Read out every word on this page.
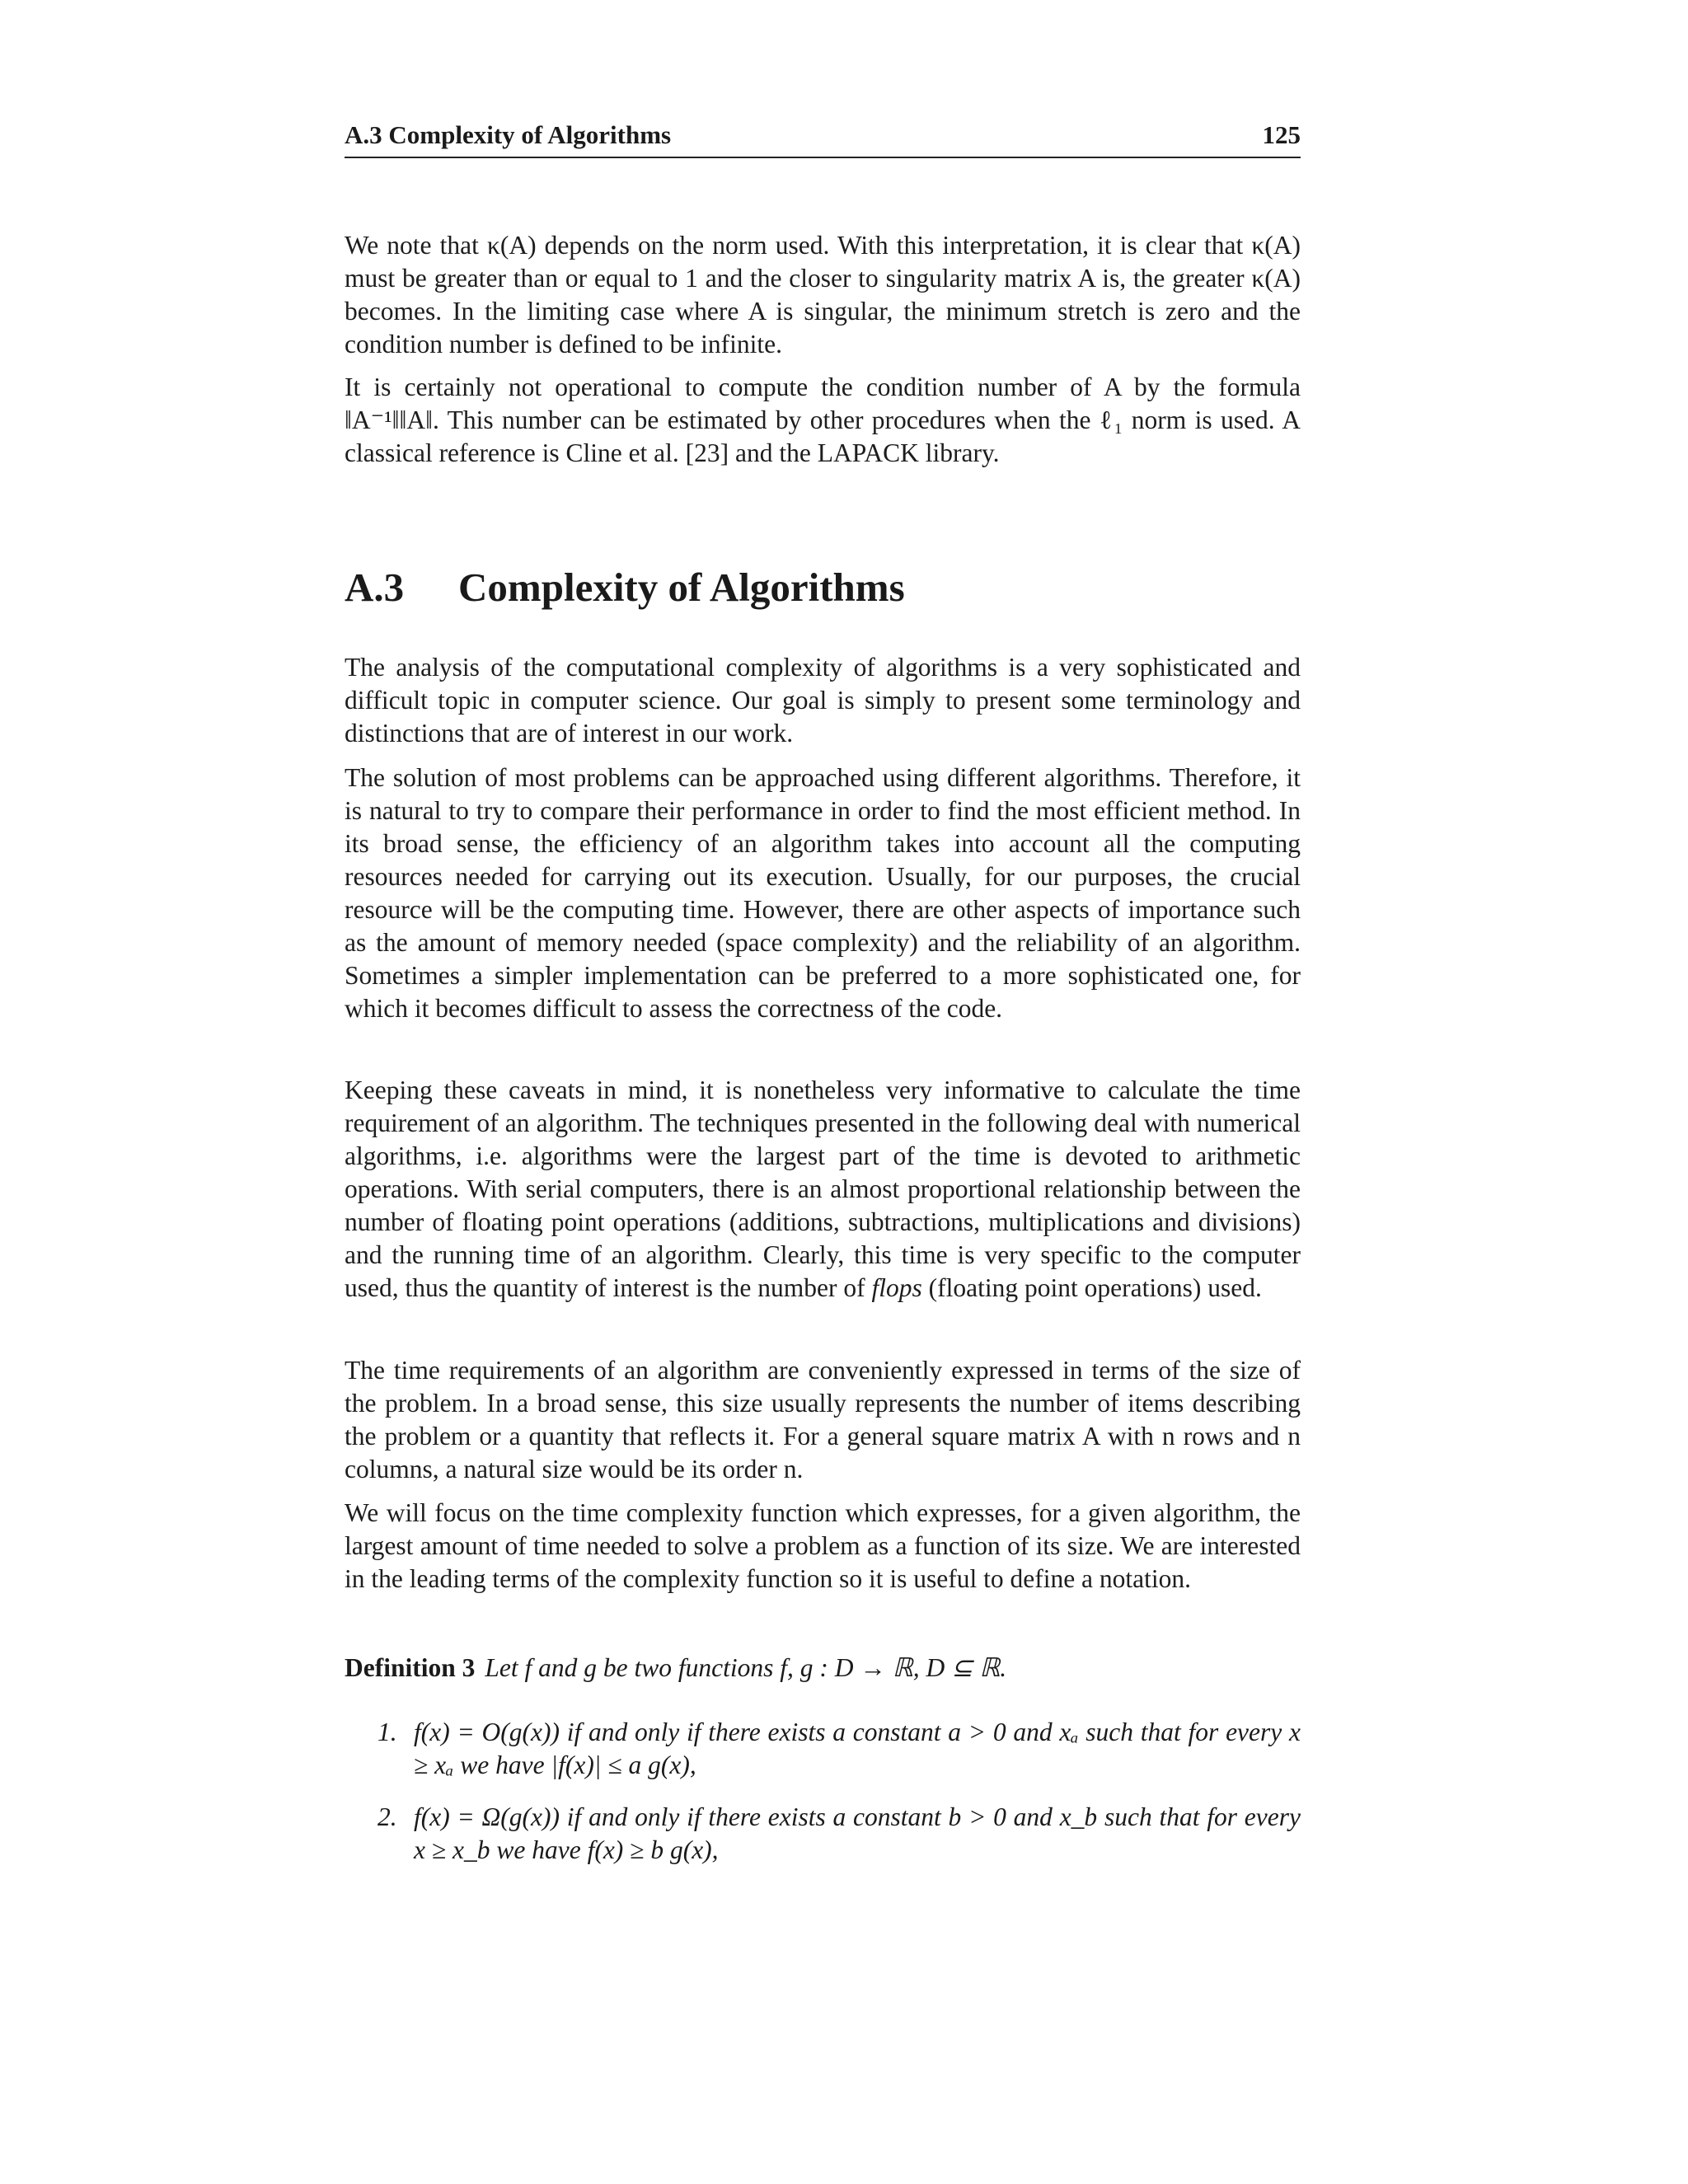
A.3 Complexity of Algorithms	125

We note that κ(A) depends on the norm used. With this interpretation, it is clear that κ(A) must be greater than or equal to 1 and the closer to singularity matrix A is, the greater κ(A) becomes. In the limiting case where A is singular, the minimum stretch is zero and the condition number is defined to be infinite.

It is certainly not operational to compute the condition number of A by the formula ‖A⁻¹‖‖A‖. This number can be estimated by other procedures when the ℓ₁ norm is used. A classical reference is Cline et al. [23] and the LAPACK library.

A.3 Complexity of Algorithms

The analysis of the computational complexity of algorithms is a very sophisticated and difficult topic in computer science. Our goal is simply to present some terminology and distinctions that are of interest in our work.

The solution of most problems can be approached using different algorithms. Therefore, it is natural to try to compare their performance in order to find the most efficient method. In its broad sense, the efficiency of an algorithm takes into account all the computing resources needed for carrying out its execution. Usually, for our purposes, the crucial resource will be the computing time. However, there are other aspects of importance such as the amount of memory needed (space complexity) and the reliability of an algorithm. Sometimes a simpler implementation can be preferred to a more sophisticated one, for which it becomes difficult to assess the correctness of the code.

Keeping these caveats in mind, it is nonetheless very informative to calculate the time requirement of an algorithm. The techniques presented in the following deal with numerical algorithms, i.e. algorithms were the largest part of the time is devoted to arithmetic operations. With serial computers, there is an almost proportional relationship between the number of floating point operations (additions, subtractions, multiplications and divisions) and the running time of an algorithm. Clearly, this time is very specific to the computer used, thus the quantity of interest is the number of flops (floating point operations) used.

The time requirements of an algorithm are conveniently expressed in terms of the size of the problem. In a broad sense, this size usually represents the number of items describing the problem or a quantity that reflects it. For a general square matrix A with n rows and n columns, a natural size would be its order n.

We will focus on the time complexity function which expresses, for a given algorithm, the largest amount of time needed to solve a problem as a function of its size. We are interested in the leading terms of the complexity function so it is useful to define a notation.

Definition 3 Let f and g be two functions f, g : D → ℝ, D ⊆ ℝ.
1. f(x) = O(g(x)) if and only if there exists a constant a > 0 and xₐ such that for every x ≥ xₐ we have |f(x)| ≤ a g(x),
2. f(x) = Ω(g(x)) if and only if there exists a constant b > 0 and x_b such that for every x ≥ x_b we have f(x) ≥ b g(x),
